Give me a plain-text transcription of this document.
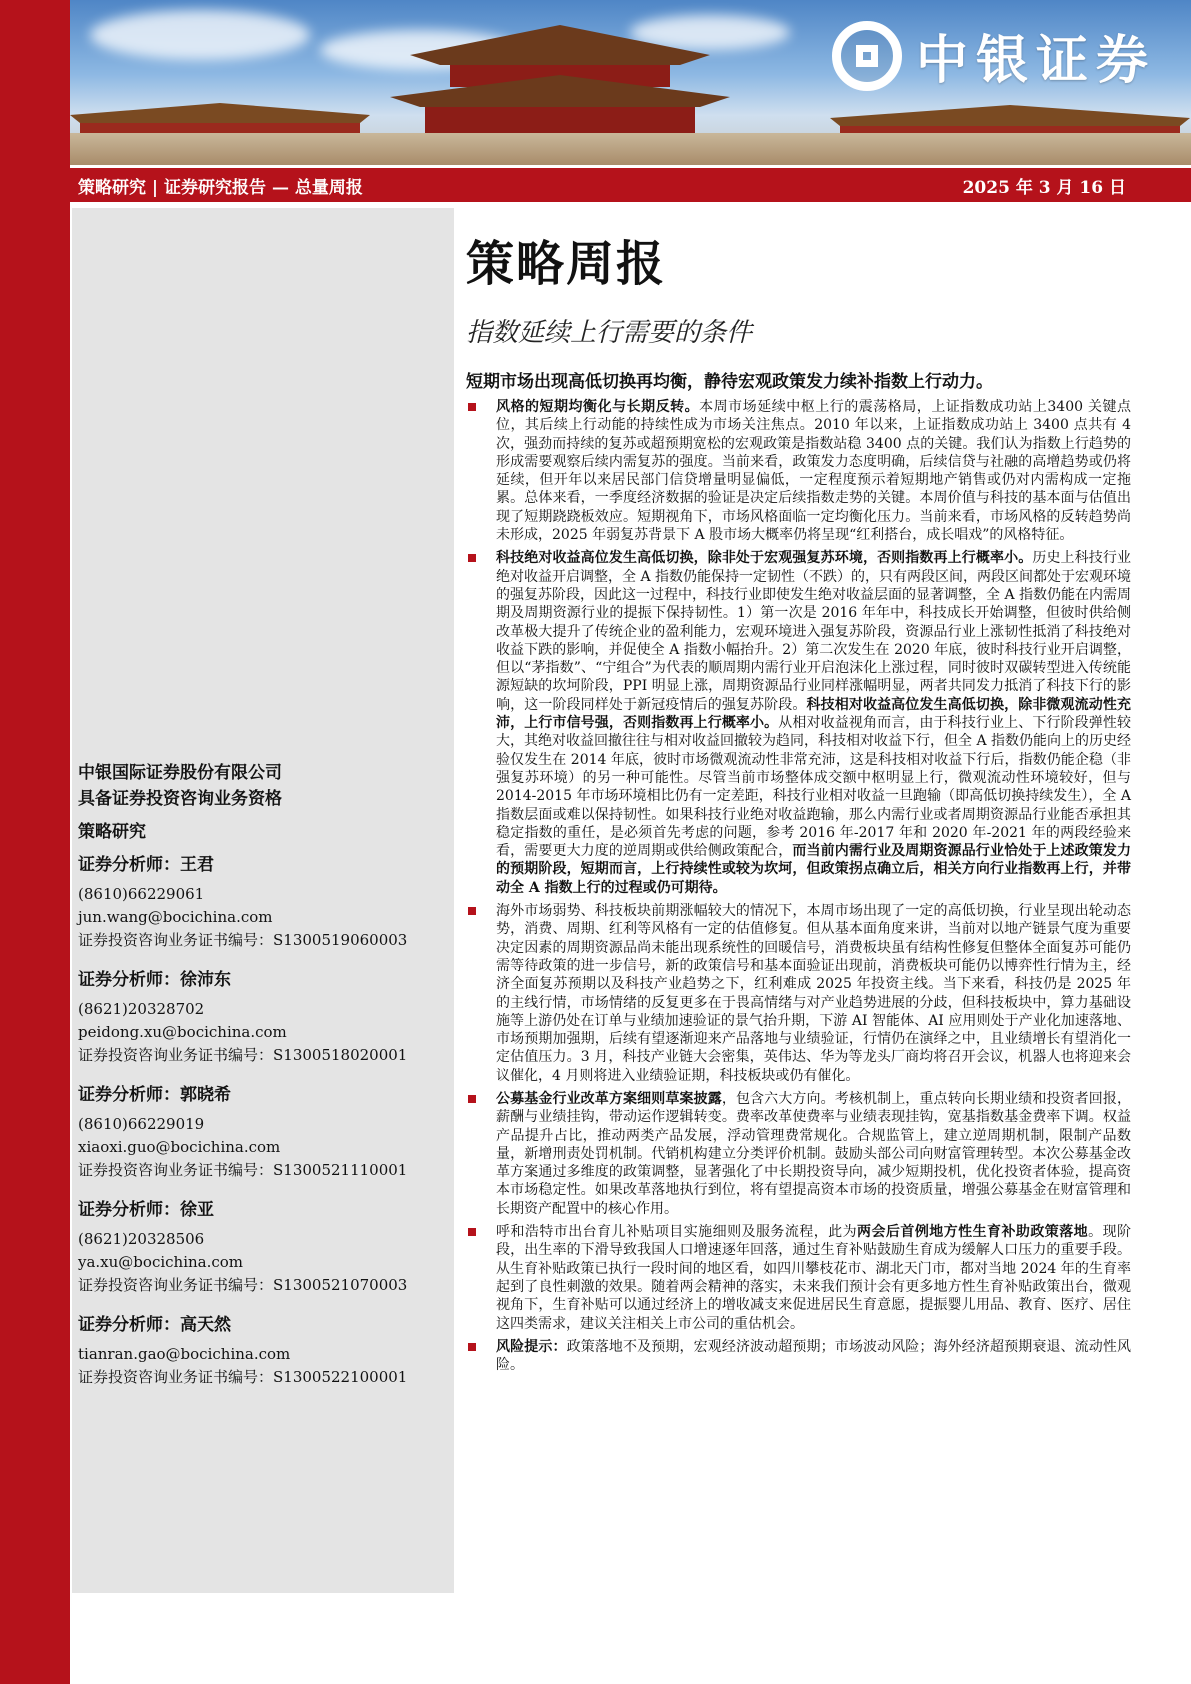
中银证券
策略研究 | 证券研究报告 — 总量周报	2025 年 3 月 16 日
中银国际证券股份有限公司
具备证券投资咨询业务资格
策略研究
证券分析师：王君
(8610)66229061
jun.wang@bocichina.com
证券投资咨询业务证书编号：S1300519060003
证券分析师：徐沛东
(8621)20328702
peidong.xu@bocichina.com
证券投资咨询业务证书编号：S1300518020001
证券分析师：郭晓希
(8610)66229019
xiaoxi.guo@bocichina.com
证券投资咨询业务证书编号：S1300521110001
证券分析师：徐亚
(8621)20328506
ya.xu@bocichina.com
证券投资咨询业务证书编号：S1300521070003
证券分析师：高天然
tianran.gao@bocichina.com
证券投资咨询业务证书编号：S1300522100001
策略周报
指数延续上行需要的条件
短期市场出现高低切换再均衡，静待宏观政策发力续补指数上行动力。
风格的短期均衡化与长期反转。本周市场延续中枢上行的震荡格局，上证指数成功站上3400 关键点位，其后续上行动能的持续性成为市场关注焦点。2010 年以来，上证指数成功站上 3400 点共有 4 次，强劲而持续的复苏或超预期宽松的宏观政策是指数站稳 3400 点的关键。我们认为指数上行趋势的形成需要观察后续内需复苏的强度。当前来看，政策发力态度明确，后续信贷与社融的高增趋势或仍将延续，但开年以来居民部门信贷增量明显偏低，一定程度预示着短期地产销售或仍对内需构成一定拖累。总体来看，一季度经济数据的验证是决定后续指数走势的关键。本周价值与科技的基本面与估值出现了短期跷跷板效应。短期视角下，市场风格面临一定均衡化压力。当前来看，市场风格的反转趋势尚未形成，2025 年弱复苏背景下 A 股市场大概率仍将呈现“红利搭台，成长唱戏”的风格特征。
科技绝对收益高位发生高低切换，除非处于宏观强复苏环境，否则指数再上行概率小。历史上科技行业绝对收益开启调整，全 A 指数仍能保持一定韧性（不跌）的，只有两段区间，两段区间都处于宏观环境的强复苏阶段，因此这一过程中，科技行业即使发生绝对收益层面的显著调整，全 A 指数仍能在内需周期及周期资源行业的提振下保持韧性。1）第一次是 2016 年年中，科技成长开始调整，但彼时供给侧改革极大提升了传统企业的盈利能力，宏观环境进入强复苏阶段，资源品行业上涨韧性抵消了科技绝对收益下跌的影响，并促使全 A 指数小幅抬升。2）第二次发生在 2020 年底，彼时科技行业开启调整，但以“茅指数”、“宁组合”为代表的顺周期内需行业开启泡沫化上涨过程，同时彼时双碳转型进入传统能源短缺的坎坷阶段，PPI 明显上涨，周期资源品行业同样涨幅明显，两者共同发力抵消了科技下行的影响，这一阶段同样处于新冠疫情后的强复苏阶段。科技相对收益高位发生高低切换，除非微观流动性充沛，上行市信号强，否则指数再上行概率小。从相对收益视角而言，由于科技行业上、下行阶段弹性较大，其绝对收益回撤往往与相对收益回撤较为趋同，科技相对收益下行，但全 A 指数仍能向上的历史经验仅发生在 2014 年底，彼时市场微观流动性非常充沛，这是科技相对收益下行后，指数仍能企稳（非强复苏环境）的另一种可能性。尽管当前市场整体成交额中枢明显上行，微观流动性环境较好，但与 2014-2015 年市场环境相比仍有一定差距，科技行业相对收益一旦跑输（即高低切换持续发生），全 A 指数层面或难以保持韧性。如果科技行业绝对收益跑输，那么内需行业或者周期资源品行业能否承担其稳定指数的重任，是必须首先考虑的问题，参考 2016 年-2017 年和 2020 年-2021 年的两段经验来看，需要更大力度的逆周期或供给侧政策配合，而当前内需行业及周期资源品行业恰处于上述政策发力的预期阶段，短期而言，上行持续性或较为坎坷，但政策拐点确立后，相关方向行业指数再上行，并带动全 A 指数上行的过程或仍可期待。
海外市场弱势、科技板块前期涨幅较大的情况下，本周市场出现了一定的高低切换，行业呈现出轮动态势，消费、周期、红利等风格有一定的估值修复。但从基本面角度来讲，当前对以地产链景气度为重要决定因素的周期资源品尚未能出现系统性的回暖信号，消费板块虽有结构性修复但整体全面复苏可能仍需等待政策的进一步信号，新的政策信号和基本面验证出现前，消费板块可能仍以博弈性行情为主，经济全面复苏预期以及科技产业趋势之下，红利难成 2025 年投资主线。当下来看，科技仍是 2025 年的主线行情，市场情绪的反复更多在于畏高情绪与对产业趋势进展的分歧，但科技板块中，算力基础设施等上游仍处在订单与业绩加速验证的景气抬升期，下游 AI 智能体、AI 应用则处于产业化加速落地、市场预期加强期，后续有望逐渐迎来产品落地与业绩验证，行情仍在演绎之中，且业绩增长有望消化一定估值压力。3 月，科技产业链大会密集，英伟达、华为等龙头厂商均将召开会议，机器人也将迎来会议催化，4 月则将进入业绩验证期，科技板块或仍有催化。
公募基金行业改革方案细则草案披露，包含六大方向。考核机制上，重点转向长期业绩和投资者回报，薪酬与业绩挂钩，带动运作逻辑转变。费率改革使费率与业绩表现挂钩，宽基指数基金费率下调。权益产品提升占比，推动两类产品发展，浮动管理费常规化。合规监管上，建立逆周期机制，限制产品数量，新增刑责处罚机制。代销机构建立分类评价机制。鼓励头部公司向财富管理转型。本次公募基金改革方案通过多维度的政策调整，显著强化了中长期投资导向，减少短期投机，优化投资者体验，提高资本市场稳定性。如果改革落地执行到位，将有望提高资本市场的投资质量，增强公募基金在财富管理和长期资产配置中的核心作用。
呼和浩特市出台育儿补贴项目实施细则及服务流程，此为两会后首例地方性生育补助政策落地。现阶段，出生率的下滑导致我国人口增速逐年回落，通过生育补贴鼓励生育成为缓解人口压力的重要手段。从生育补贴政策已执行一段时间的地区看，如四川攀枝花市、湖北天门市，都对当地 2024 年的生育率起到了良性刺激的效果。随着两会精神的落实，未来我们预计会有更多地方性生育补贴政策出台，微观视角下，生育补贴可以通过经济上的增收减支来促进居民生育意愿，提振婴儿用品、教育、医疗、居住这四类需求，建议关注相关上市公司的重估机会。
风险提示：政策落地不及预期，宏观经济波动超预期；市场波动风险；海外经济超预期衰退、流动性风险。
